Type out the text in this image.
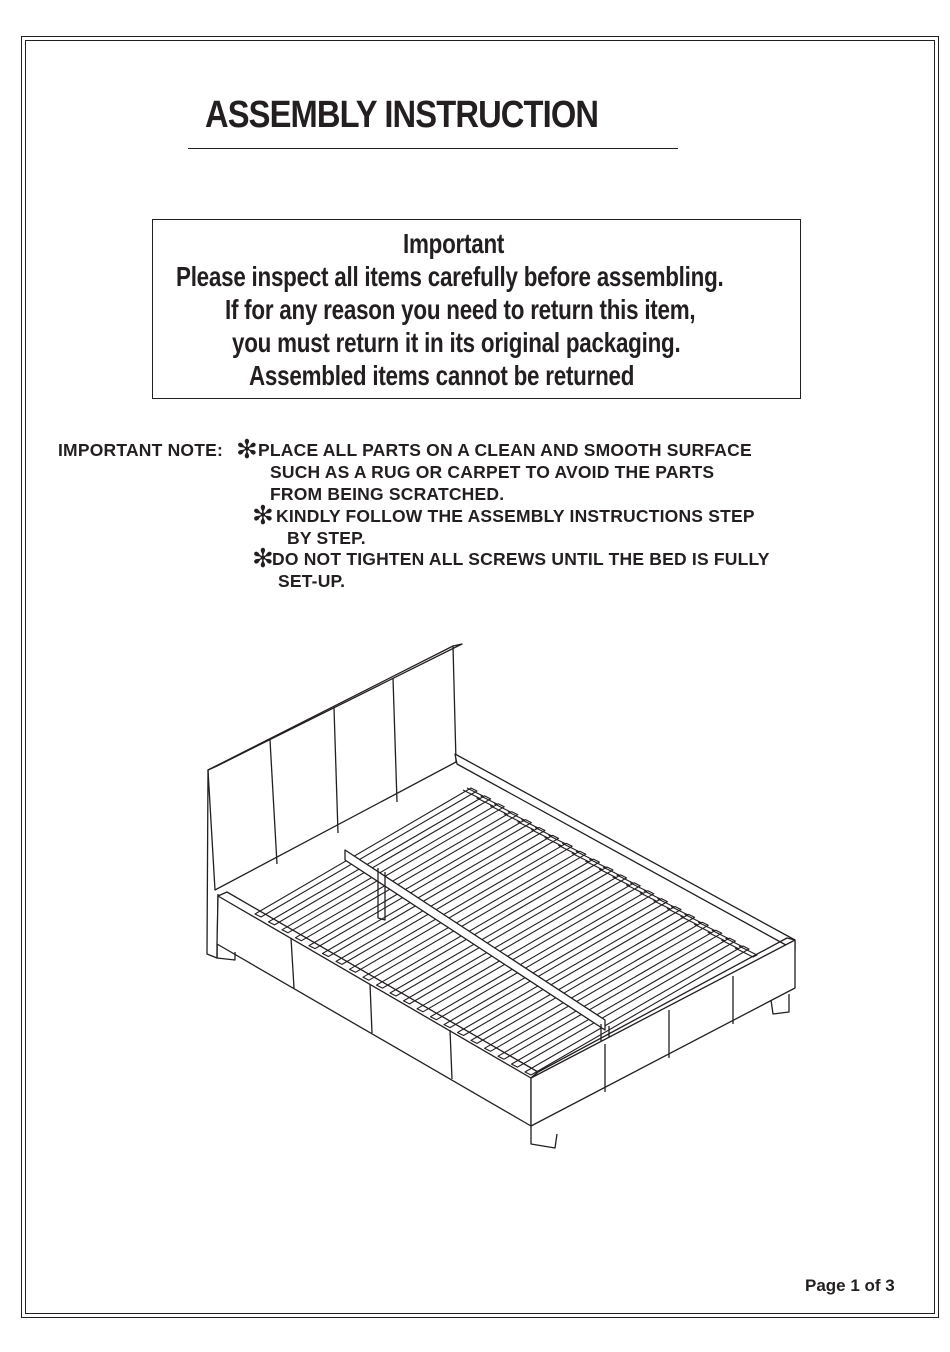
ASSEMBLY INSTRUCTION
Important
Please inspect all items carefully before assembling.
If for any reason you need to return this item,
you must return it in its original packaging.
Assembled items cannot be returned
IMPORTANT NOTE: ✻ PLACE ALL PARTS ON A CLEAN AND SMOOTH SURFACE
SUCH AS A RUG OR CARPET TO AVOID THE PARTS
FROM BEING SCRATCHED.
✻ KINDLY FOLLOW THE ASSEMBLY INSTRUCTIONS STEP
BY STEP.
✻
DO NOT TIGHTEN ALL SCREWS UNTIL THE BED IS FULLY
SET-UP.
Page 1 of 3
